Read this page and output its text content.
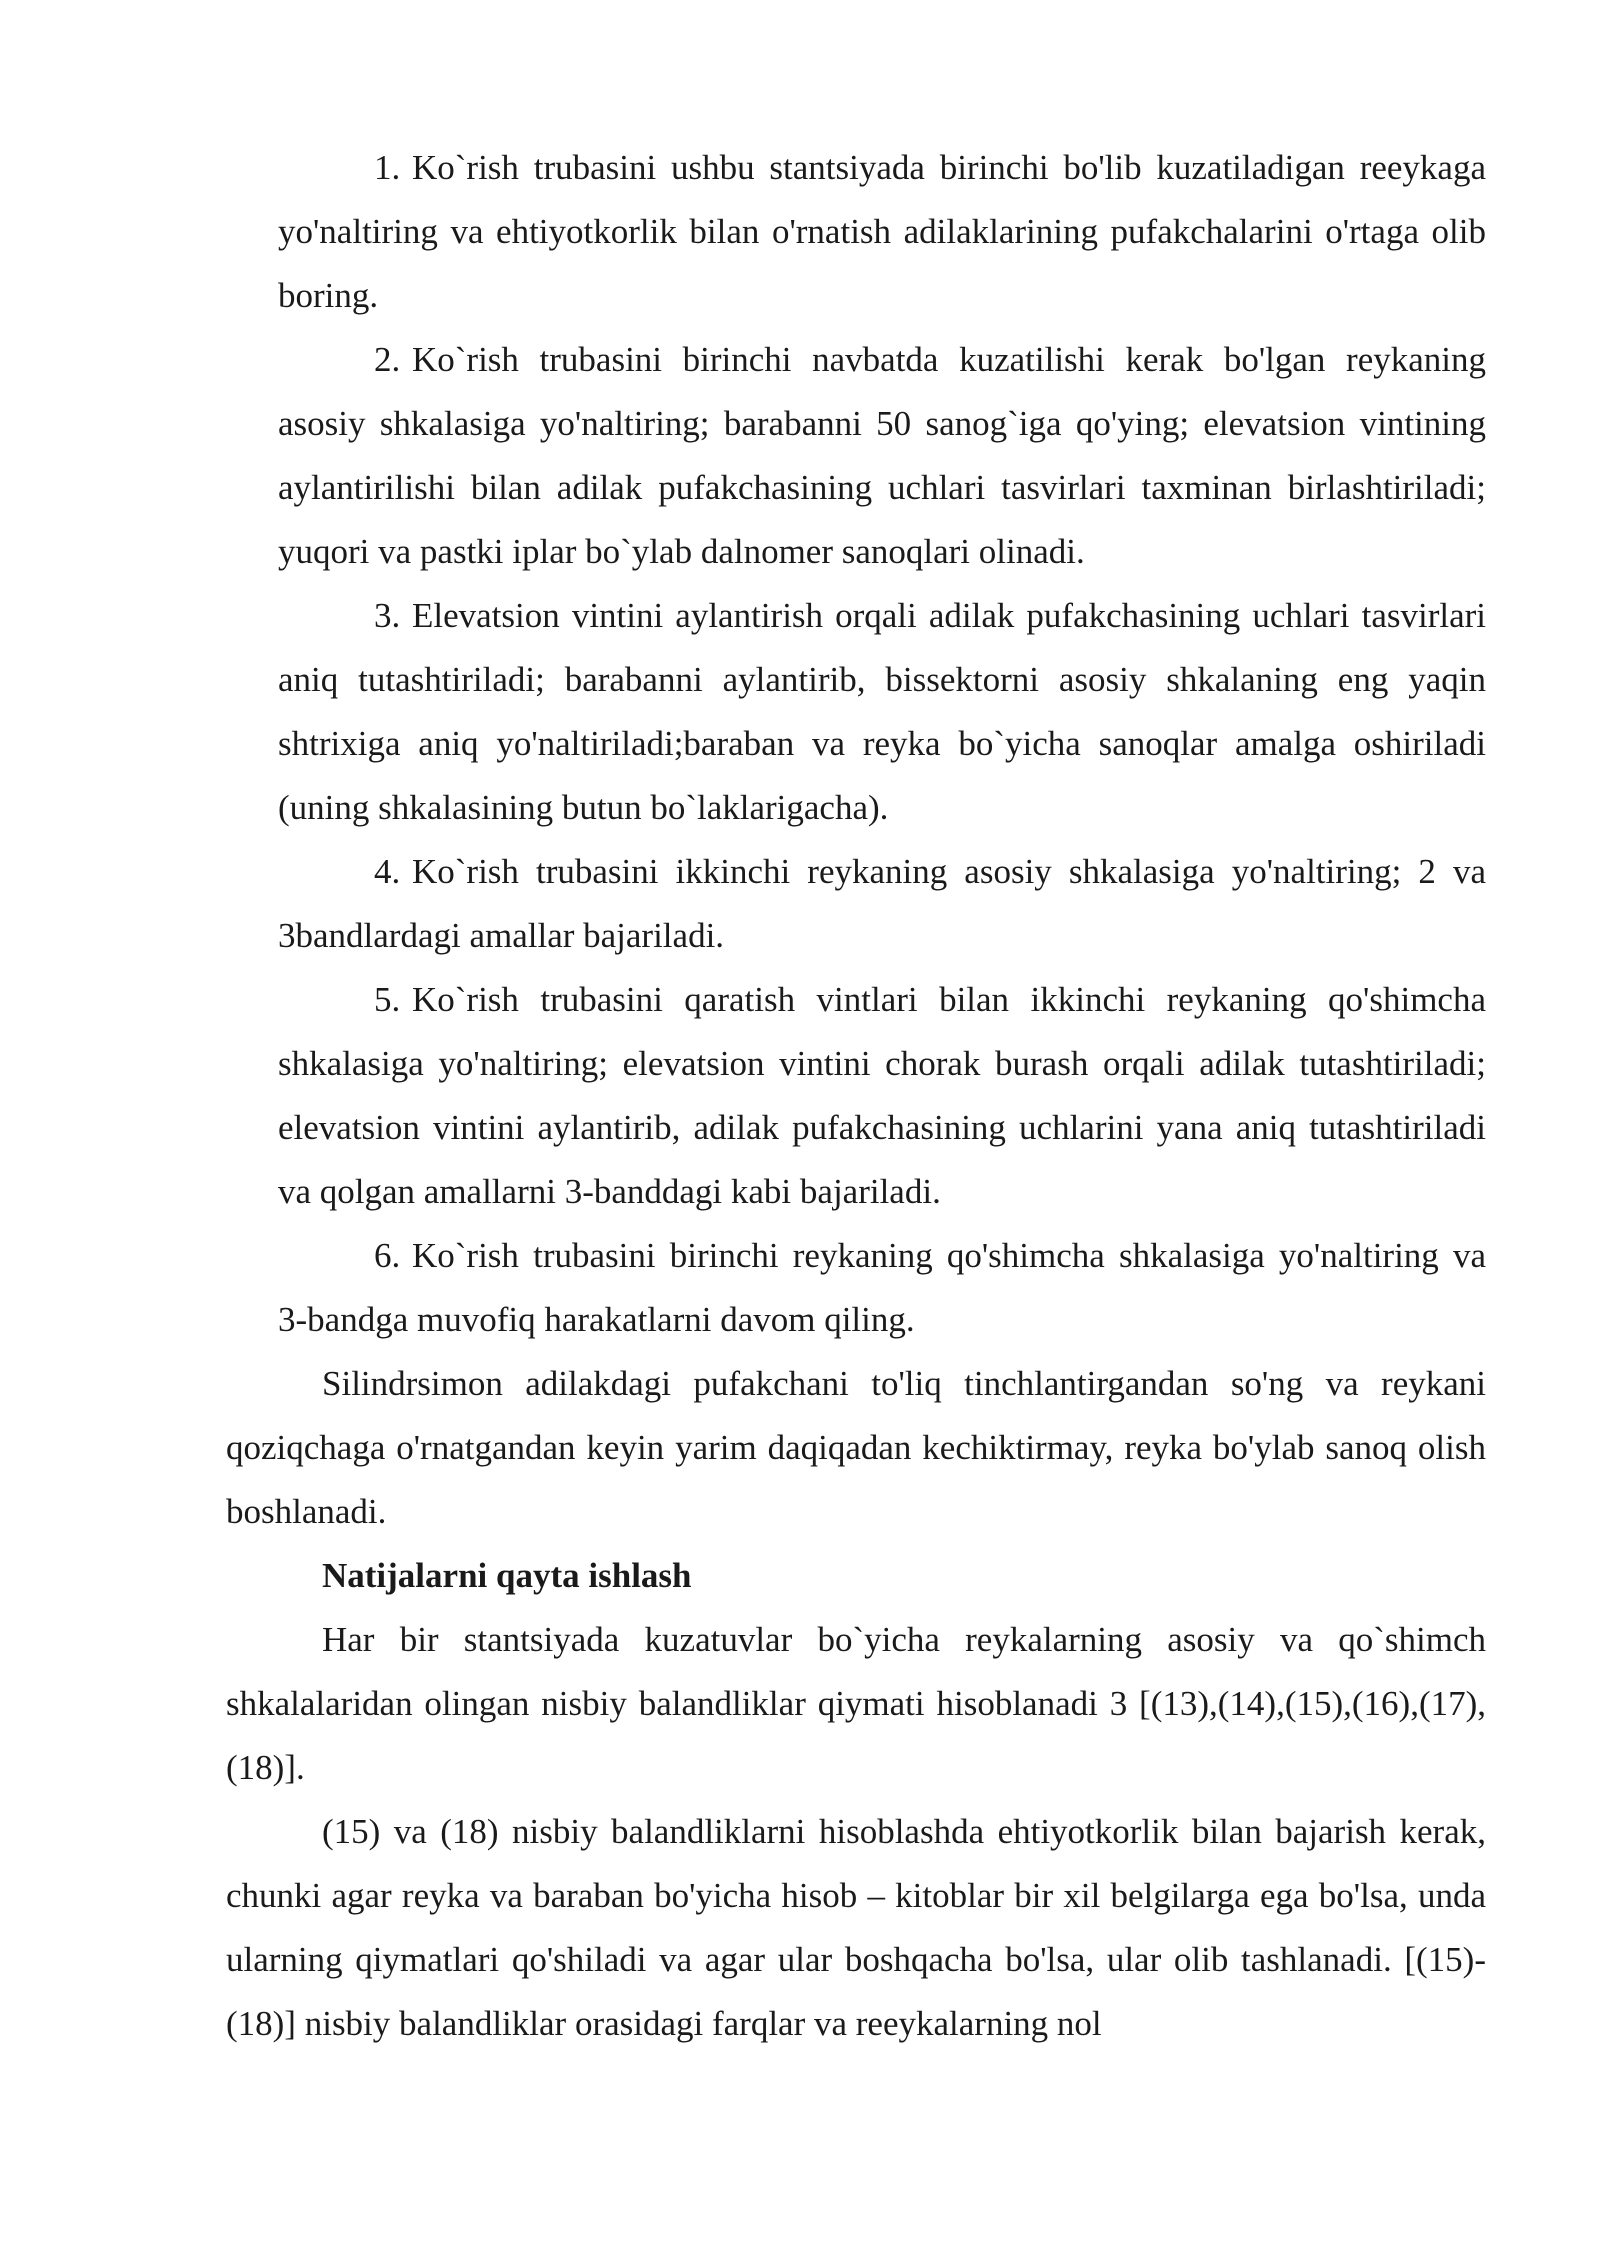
1. Ko`rish trubasini ushbu stantsiyada birinchi bo'lib kuzatiladigan reeykaga yo'naltiring va ehtiyotkorlik bilan o'rnatish adilaklarining pufakchalarini o'rtaga olib boring.

2. Ko`rish trubasini birinchi navbatda kuzatilishi kerak bo'lgan reykaning asosiy shkalasiga yo'naltiring; barabanni 50 sanog`iga qo'ying; elevatsion vintining aylantirilishi bilan adilak pufakchasining uchlari tasvirlari taxminan birlashtiriladi; yuqori va pastki iplar bo`ylab dalnomer sanoqlari olinadi.

3. Elevatsion vintini aylantirish orqali adilak pufakchasining uchlari tasvirlari aniq tutashtiriladi; barabanni aylantirib, bissektorni asosiy shkalaning eng yaqin shtrixiga aniq yo'naltiriladi;baraban va reyka bo`yicha sanoqlar amalga oshiriladi (uning shkalasining butun bo`laklarigacha).

4. Ko`rish trubasini ikkinchi reykaning asosiy shkalasiga yo'naltiring; 2 va 3bandlardagi amallar bajariladi.

5. Ko`rish trubasini qaratish vintlari bilan ikkinchi reykaning qo'shimcha shkalasiga yo'naltiring; elevatsion vintini chorak burash orqali adilak tutashtiriladi; elevatsion vintini aylantirib, adilak pufakchasining uchlarini yana aniq tutashtiriladi va qolgan amallarni 3-banddagi kabi bajariladi.

6. Ko`rish trubasini birinchi reykaning qo'shimcha shkalasiga yo'naltiring va 3-bandga muvofiq harakatlarni davom qiling.

Silindrsimon adilakdagi pufakchani to'liq tinchlantirgandan so'ng va reykani qoziqchaga o'rnatgandan keyin yarim daqiqadan kechiktirmay, reyka bo'ylab sanoq olish boshlanadi.

Natijalarni qayta ishlash

Har bir stantsiyada kuzatuvlar bo`yicha reykalarning asosiy va qo`shimch shkalalaridan olingan nisbiy balandliklar qiymati hisoblanadi 3 [(13),(14),(15),(16),(17),(18)].

(15) va (18) nisbiy balandliklarni hisoblashda ehtiyotkorlik bilan bajarish kerak, chunki agar reyka va baraban bo'yicha hisob – kitoblar bir xil belgilarga ega bo'lsa, unda ularning qiymatlari qo'shiladi va agar ular boshqacha bo'lsa, ular olib tashlanadi. [(15)-(18)] nisbiy balandliklar orasidagi farqlar va reeykalarning nol
